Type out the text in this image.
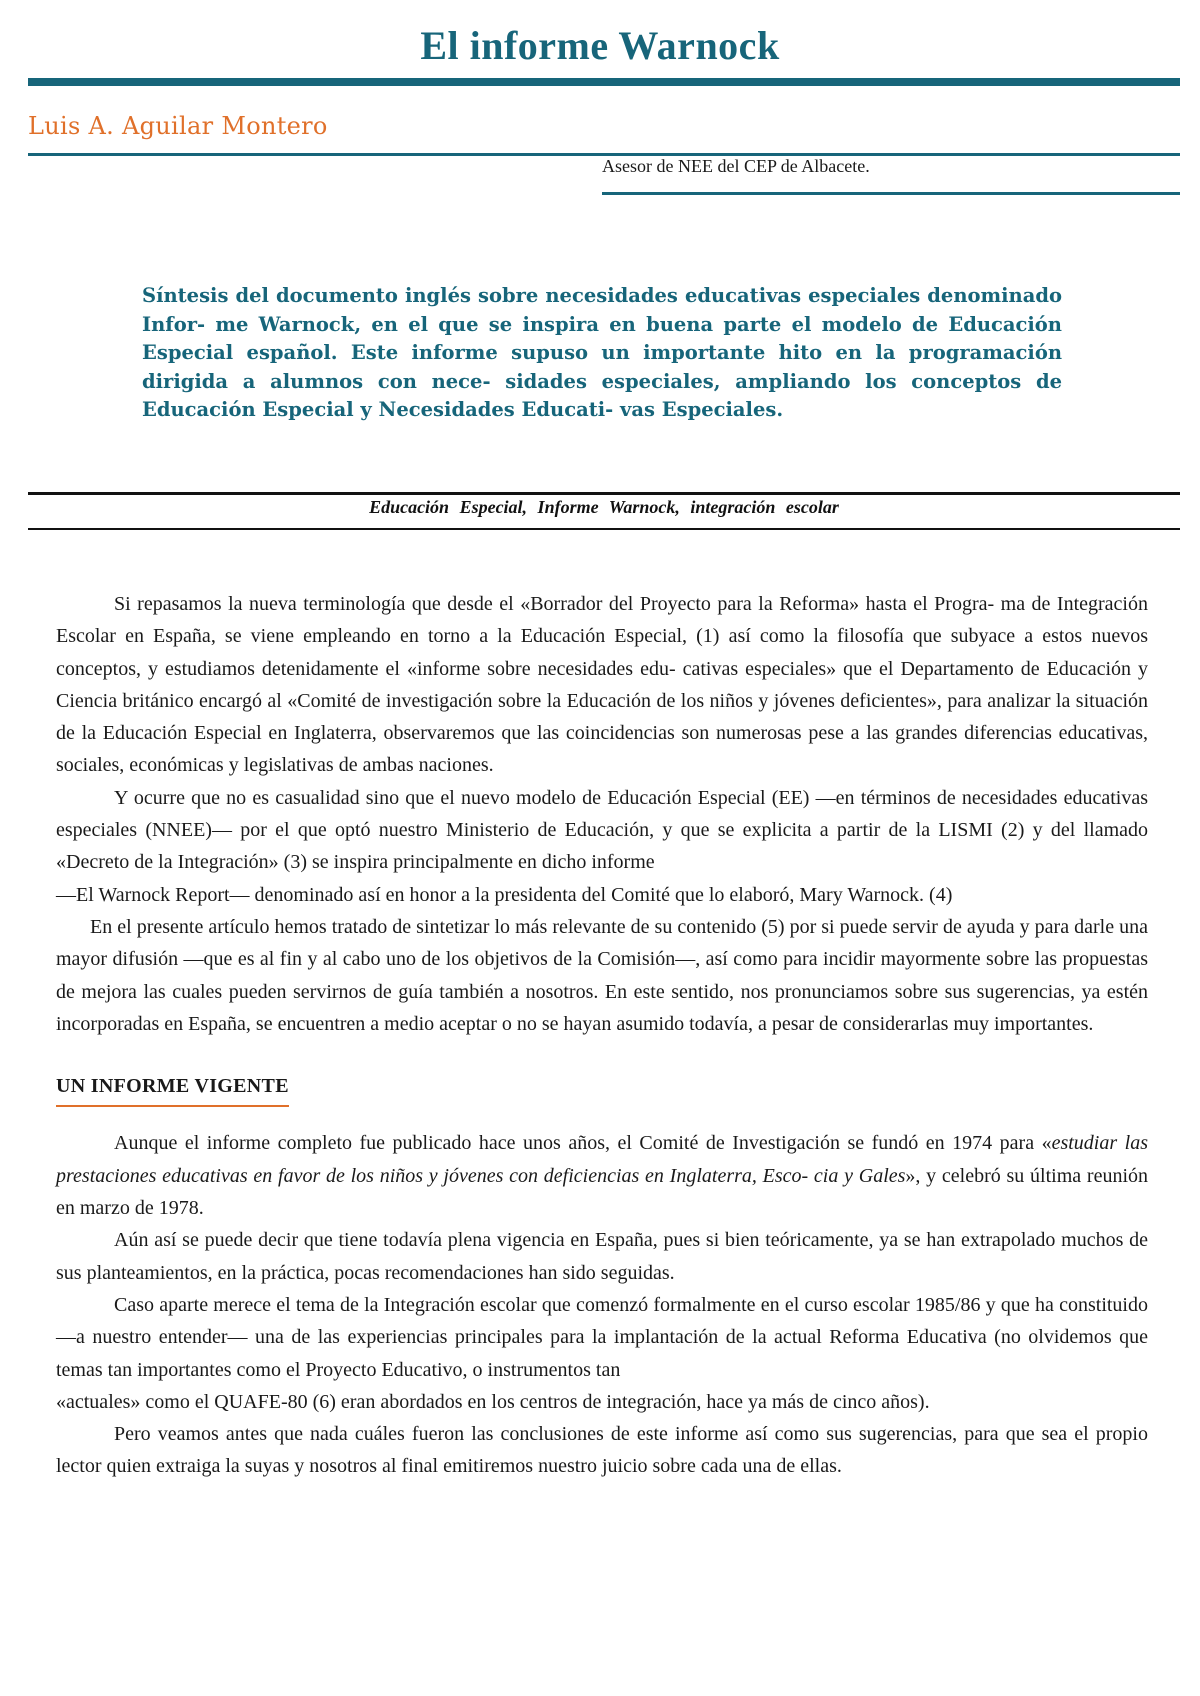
El informe Warnock
Luis A. Aguilar Montero
Asesor de NEE del CEP de Albacete.

Síntesis del documento inglés sobre necesidades educativas especiales denominado Infor- me Warnock, en el que se inspira en buena parte el modelo de Educación Especial español. Este informe supuso un importante hito en la programación dirigida a alumnos con nece- sidades especiales, ampliando los conceptos de Educación Especial y Necesidades Educati- vas Especiales.

Educación Especial, Informe Warnock, integración escolar

Si repasamos la nueva terminología que desde el «Borrador del Proyecto para la Reforma» hasta el Progra- ma de Integración Escolar en España, se viene empleando en torno a la Educación Especial, (1) así como la filosofía que subyace a estos nuevos conceptos, y estudiamos detenidamente el «informe sobre necesidades edu- cativas especiales» que el Departamento de Educación y Ciencia británico encargó al «Comité de investigación sobre la Educación de los niños y jóvenes deficientes», para analizar la situación de la Educación Especial en Inglaterra, observaremos que las coincidencias son numerosas pese a las grandes diferencias educativas, sociales, económicas y legislativas de ambas naciones.

Y ocurre que no es casualidad sino que el nuevo modelo de Educación Especial (EE) —en términos de necesidades educativas especiales (NNEE)— por el que optó nuestro Ministerio de Educación, y que se explicita a partir de la LISMI (2) y del llamado «Decreto de la Integración» (3) se inspira principalmente en dicho informe

—El Warnock Report— denominado así en honor a la presidenta del Comité que lo elaboró, Mary Warnock. (4)

En el presente artículo hemos tratado de sintetizar lo más relevante de su contenido (5) por si puede servir de ayuda y para darle una mayor difusión —que es al fin y al cabo uno de los objetivos de la Comisión—, así como para incidir mayormente sobre las propuestas de mejora las cuales pueden servirnos de guía también a nosotros. En este sentido, nos pronunciamos sobre sus sugerencias, ya estén incorporadas en España, se encuentren a medio aceptar o no se hayan asumido todavía, a pesar de considerarlas muy importantes.

UN INFORME VIGENTE

Aunque el informe completo fue publicado hace unos años, el Comité de Investigación se fundó en 1974 para «estudiar las prestaciones educativas en favor de los niños y jóvenes con deficiencias en Inglaterra, Esco- cia y Gales», y celebró su última reunión en marzo de 1978.

Aún así se puede decir que tiene todavía plena vigencia en España, pues si bien teóricamente, ya se han extrapolado muchos de sus planteamientos, en la práctica, pocas recomendaciones han sido seguidas.

Caso aparte merece el tema de la Integración escolar que comenzó formalmente en el curso escolar 1985/86 y que ha constituido —a nuestro entender— una de las experiencias principales para la implantación de la actual Reforma Educativa (no olvidemos que temas tan importantes como el Proyecto Educativo, o instrumentos tan

«actuales» como el QUAFE-80 (6) eran abordados en los centros de integración, hace ya más de cinco años).

Pero veamos antes que nada cuáles fueron las conclusiones de este informe así como sus sugerencias, para que sea el propio lector quien extraiga la suyas y nosotros al final emitiremos nuestro juicio sobre cada una de ellas.
